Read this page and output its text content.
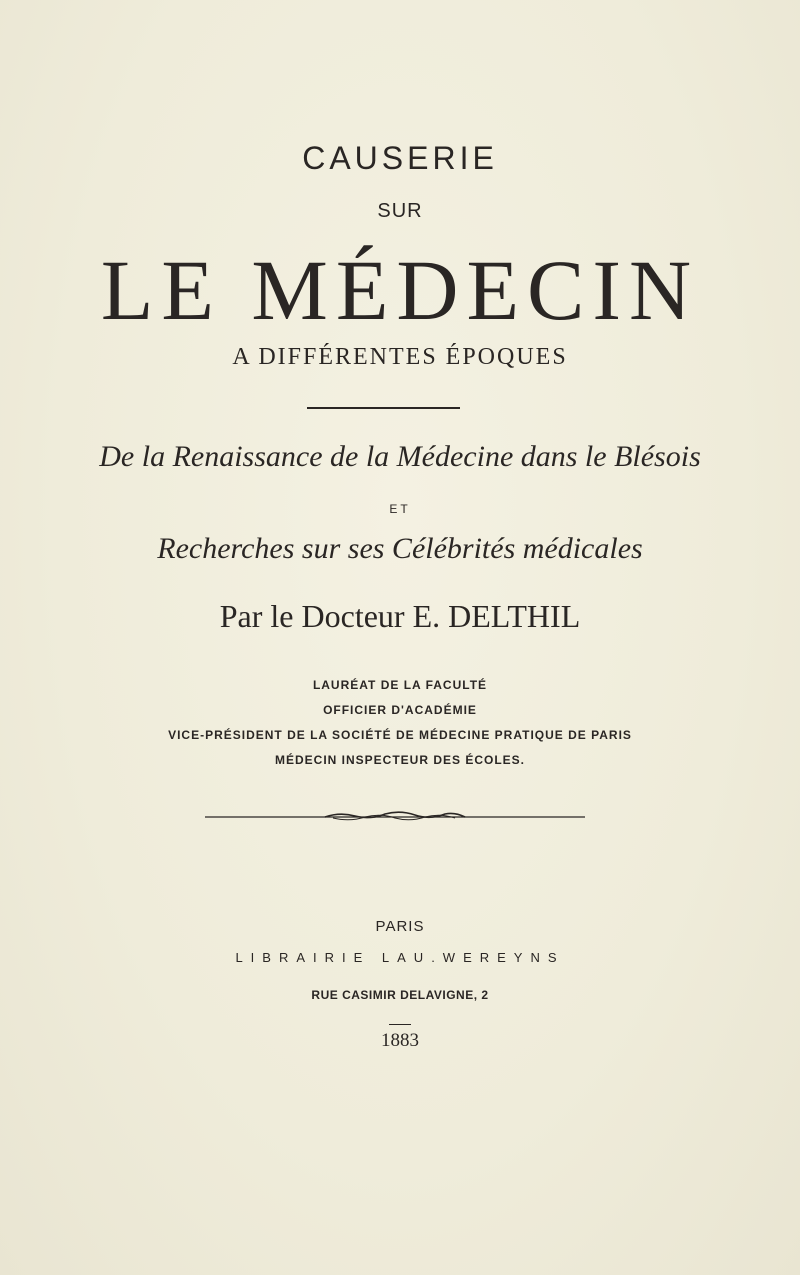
CAUSERIE
SUR
LE MÉDECIN
A DIFFÉRENTES ÉPOQUES
De la Renaissance de la Médecine dans le Blésois
ET
Recherches sur ses Célébrités médicales
Par le Docteur E. DELTHIL
LAURÉAT DE LA FACULTÉ
OFFICIER D'ACADÉMIE
VICE-PRÉSIDENT DE LA SOCIÉTÉ DE MÉDECINE PRATIQUE DE PARIS
MÉDECIN INSPECTEUR DES ÉCOLES.
PARIS
LIBRAIRIE LAU.WEREYNS
RUE CASIMIR DELAVIGNE, 2
1883
